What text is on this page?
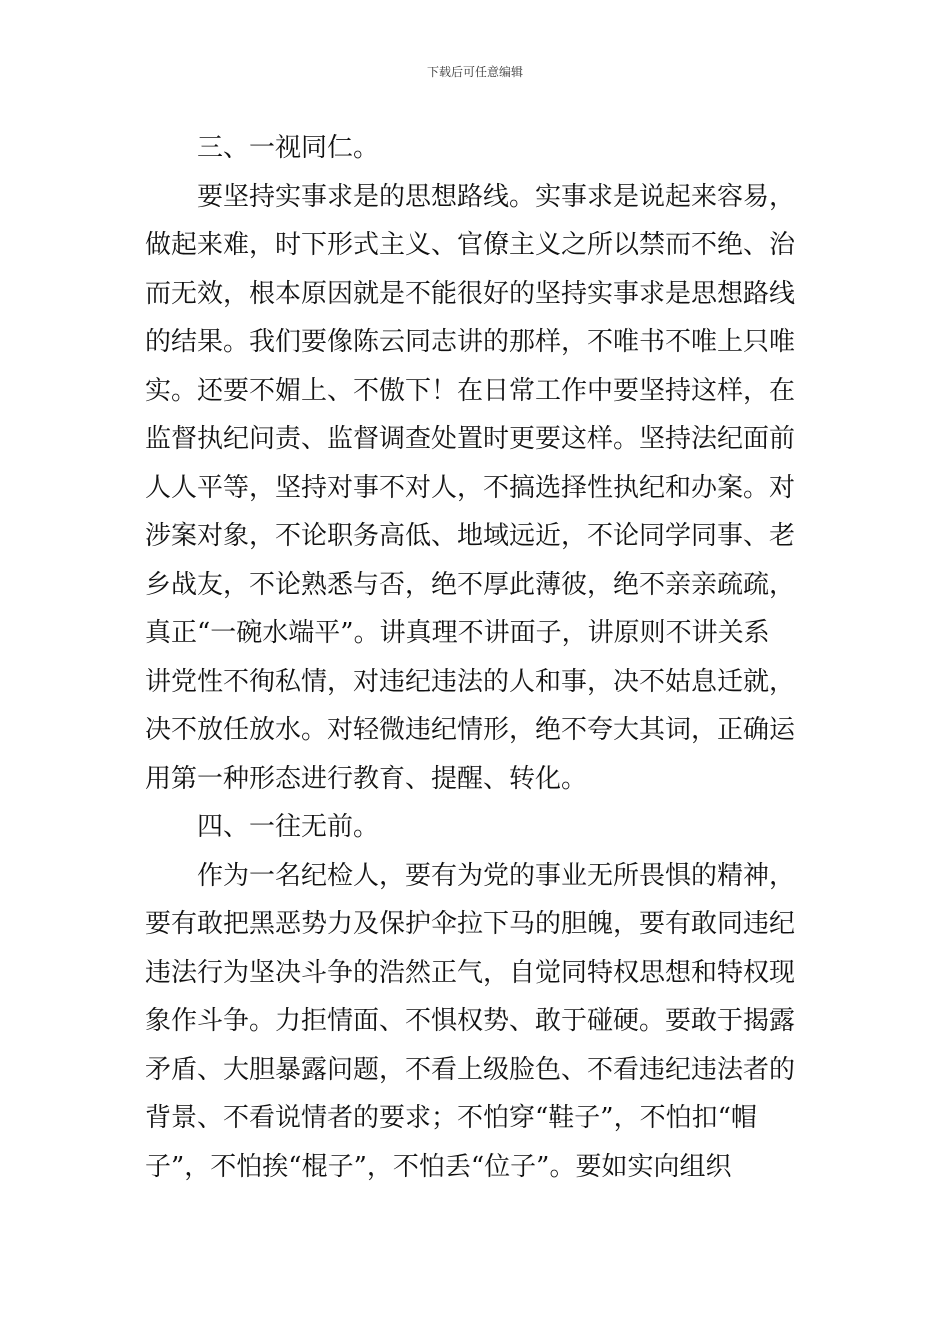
下载后可任意编辑

三、一视同仁。

要坚持实事求是的思想路线。实事求是说起来容易，
做起来难，时下形式主义、官僚主义之所以禁而不绝、治
而无效，根本原因就是不能很好的坚持实事求是思想路线
的结果。我们要像陈云同志讲的那样，不唯书不唯上只唯
实。还要不媚上、不傲下！在日常工作中要坚持这样，在
监督执纪问责、监督调查处置时更要这样。坚持法纪面前
人人平等，坚持对事不对人，不搞选择性执纪和办案。对
涉案对象，不论职务高低、地域远近，不论同学同事、老
乡战友，不论熟悉与否，绝不厚此薄彼，绝不亲亲疏疏，
真正“一碗水端平”。讲真理不讲面子，讲原则不讲关系
讲党性不徇私情，对违纪违法的人和事，决不姑息迁就，
决不放任放水。对轻微违纪情形，绝不夸大其词，正确运
用第一种形态进行教育、提醒、转化。

四、一往无前。

作为一名纪检人，要有为党的事业无所畏惧的精神，
要有敢把黑恶势力及保护伞拉下马的胆魄，要有敢同违纪
违法行为坚决斗争的浩然正气，自觉同特权思想和特权现
象作斗争。力拒情面、不惧权势、敢于碰硬。要敢于揭露
矛盾、大胆暴露问题，不看上级脸色、不看违纪违法者的
背景、不看说情者的要求；不怕穿“鞋子”，不怕扣“帽
子”，不怕挨“棍子”，不怕丢“位子”。要如实向组织
